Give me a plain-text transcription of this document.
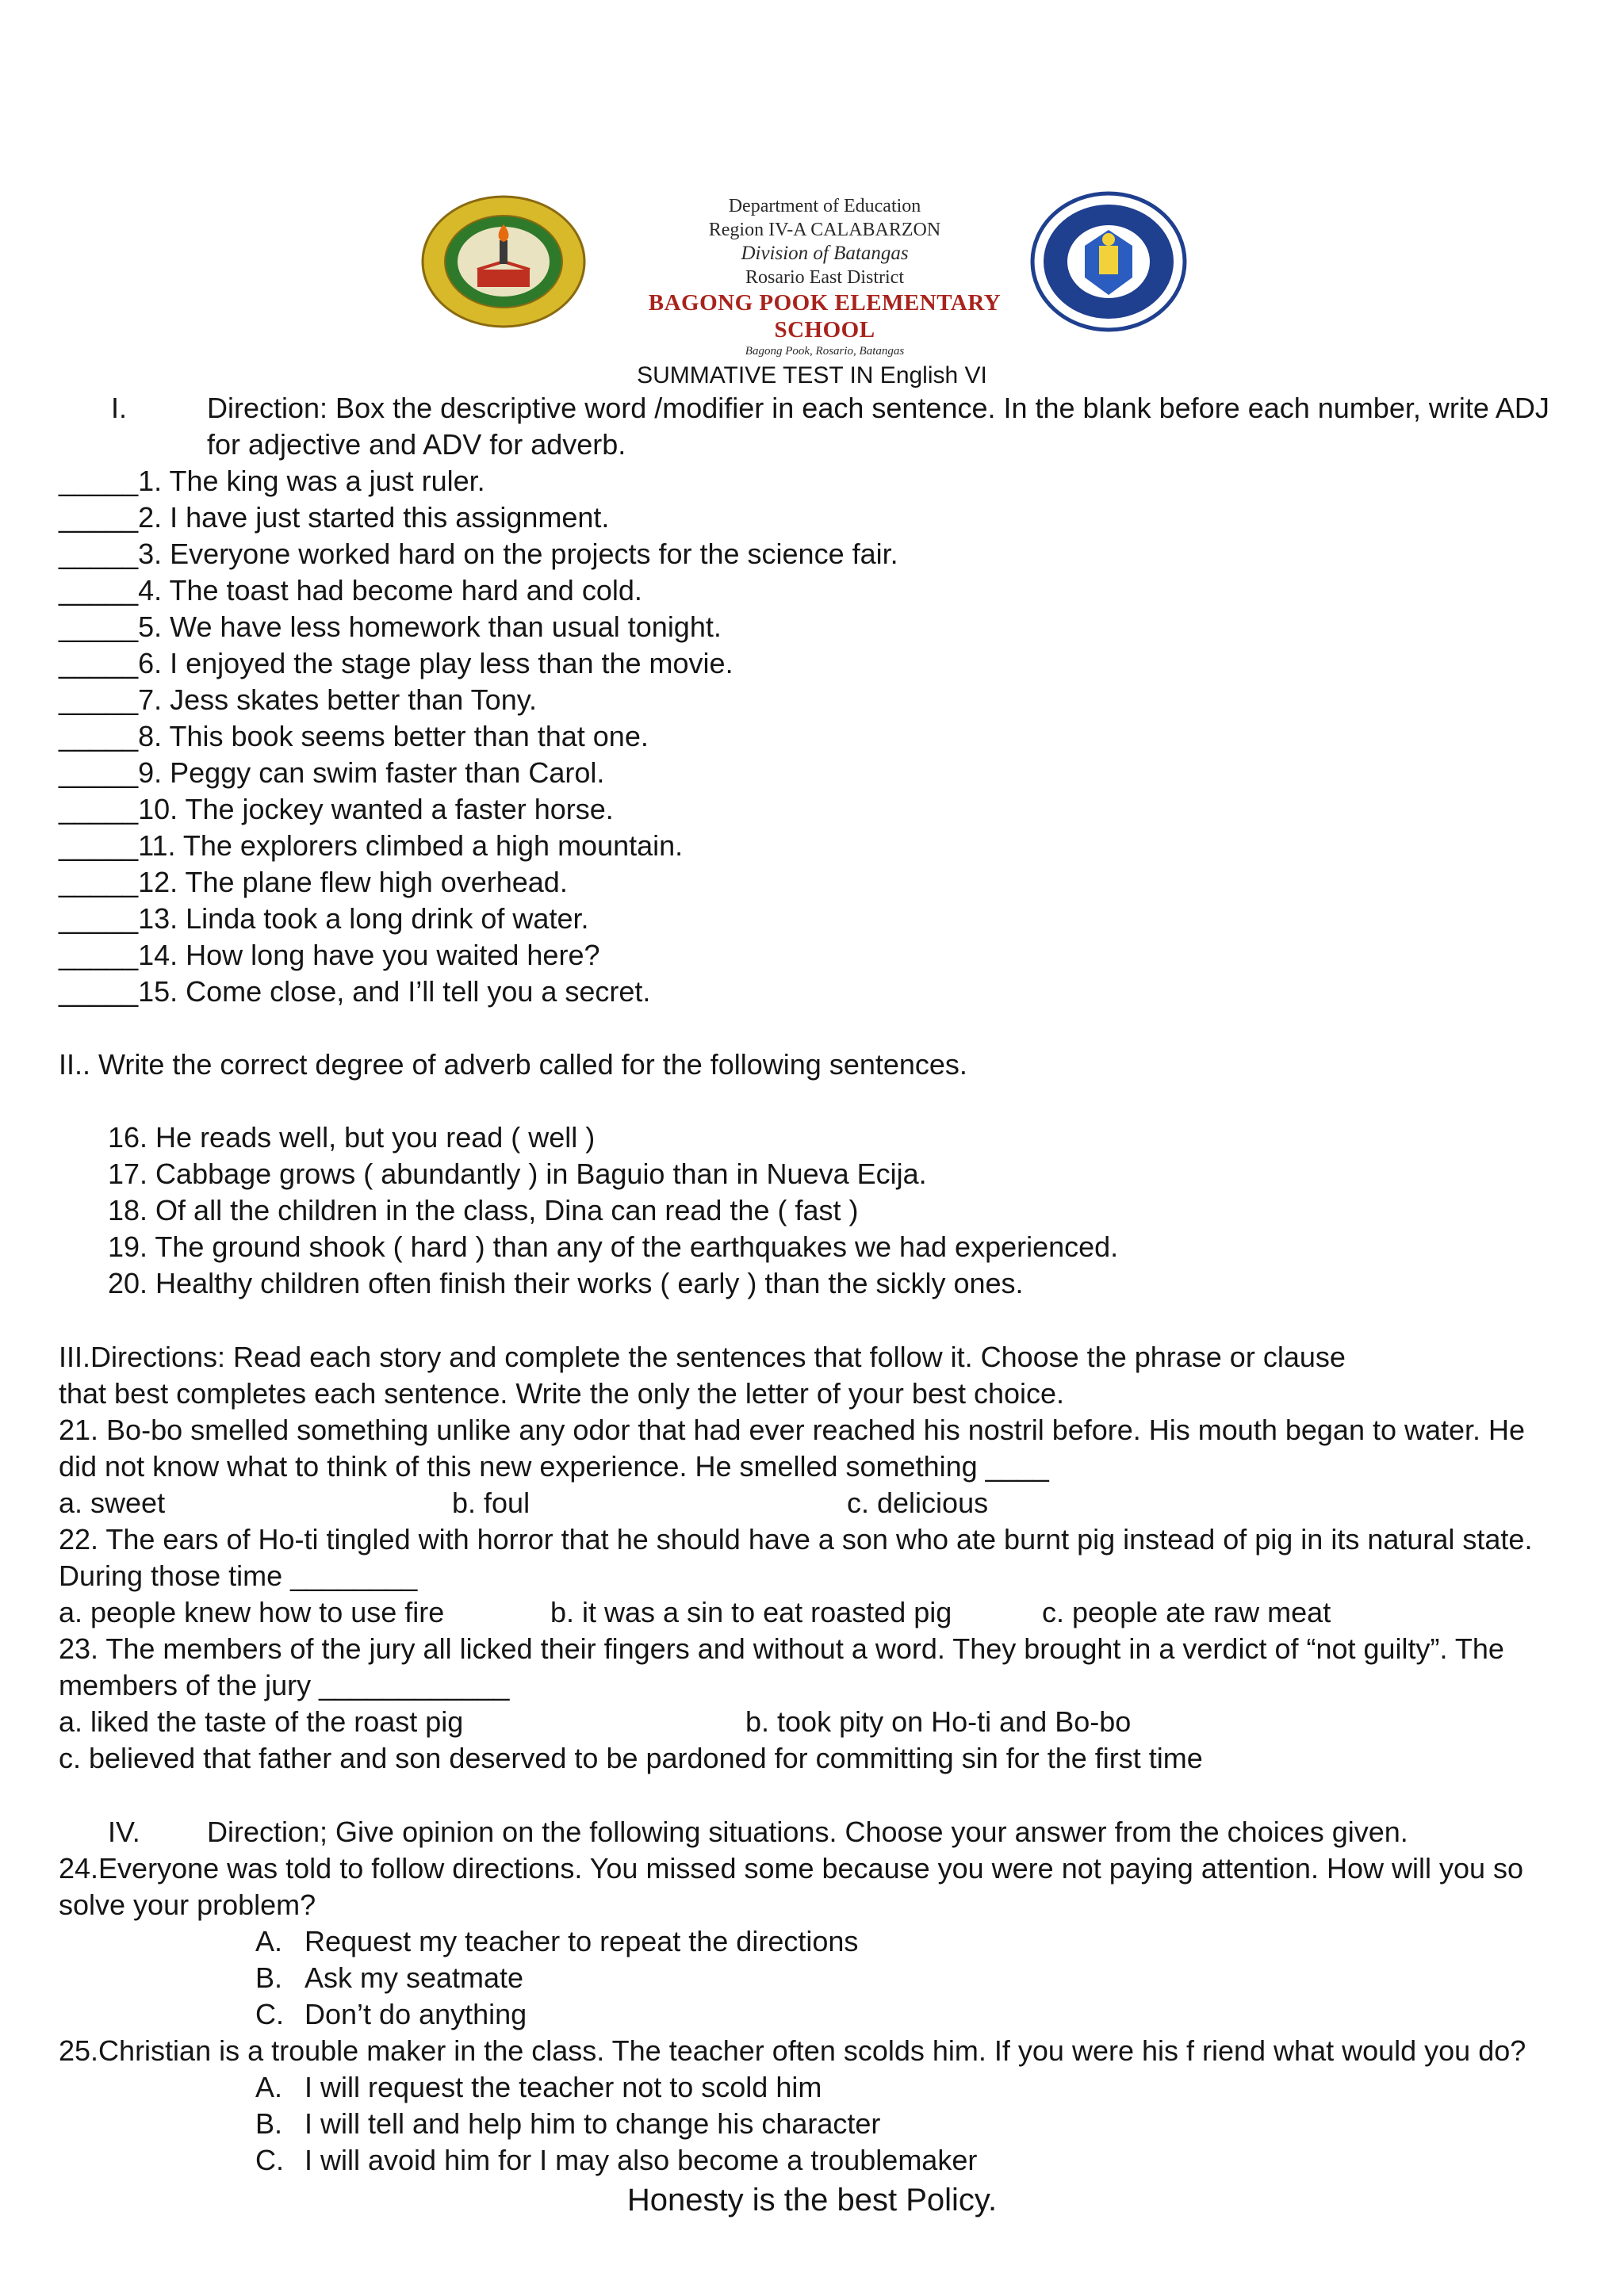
Department of Education
Region IV-A CALABARZON
Division of Batangas
Rosario East District
BAGONG POOK ELEMENTARY SCHOOL
Bagong Pook, Rosario, Batangas
SUMMATIVE TEST IN English VI
I.	Direction: Box the descriptive word /modifier in each sentence. In the blank before each number, write ADJ
for adjective and ADV for adverb.
_____1. The king was a just ruler.
_____2. I have just started this assignment.
_____3. Everyone worked hard on the projects for the science fair.
_____4. The toast had become hard and cold.
_____5. We have less homework than usual tonight.
_____6. I enjoyed the stage play less than the movie.
_____7. Jess skates better than Tony.
_____8. This book seems better than that one.
_____9. Peggy can swim faster than Carol.
_____10. The jockey wanted a faster horse.
_____11. The explorers climbed a high mountain.
_____12. The plane flew high overhead.
_____13. Linda took a long drink of water.
_____14. How long have you waited here?
_____15. Come close, and I’ll tell you a secret.
II.. Write the correct degree of adverb called for the following sentences.
16. He reads well, but you read ( well )
17. Cabbage grows ( abundantly ) in Baguio than in Nueva Ecija.
18. Of all the children in the class, Dina can read the ( fast )
19. The ground shook ( hard ) than any of the earthquakes we had experienced.
20. Healthy children often finish their works ( early ) than the sickly ones.
III.Directions: Read each story and complete the sentences that follow it. Choose the phrase or clause
that best completes each sentence. Write the only the letter of your best choice.
21. Bo-bo smelled something unlike any odor that had ever reached his nostril before. His mouth began to water. He
did not know what to think of this new experience. He smelled something ____
a. sweet	b. foul	c. delicious
22. The ears of Ho-ti tingled with horror that he should have a son who ate burnt pig instead of pig in its natural state.
During those time ________
a. people knew how to use fire	b. it was a sin to eat roasted pig	c. people ate raw meat
23. The members of the jury all licked their fingers and without a word. They brought in a verdict of “not guilty”. The
members of the jury ____________
a. liked the taste of the roast pig	b. took pity on Ho-ti and Bo-bo
c. believed that father and son deserved to be pardoned for committing sin for the first time
IV. Direction; Give opinion on the following situations. Choose your answer from the choices given.
24.Everyone was told to follow directions. You missed some because you were not paying attention. How will you so
solve your problem?
A. Request my teacher to repeat the directions
B. Ask my seatmate
C. Don’t do anything
25.Christian is a trouble maker in the class. The teacher often scolds him. If you were his f riend what would you do?
A. I will request the teacher not to scold him
B. I will tell and help him to change his character
C. I will avoid him for I may also become a troublemaker
Honesty is the best Policy.
